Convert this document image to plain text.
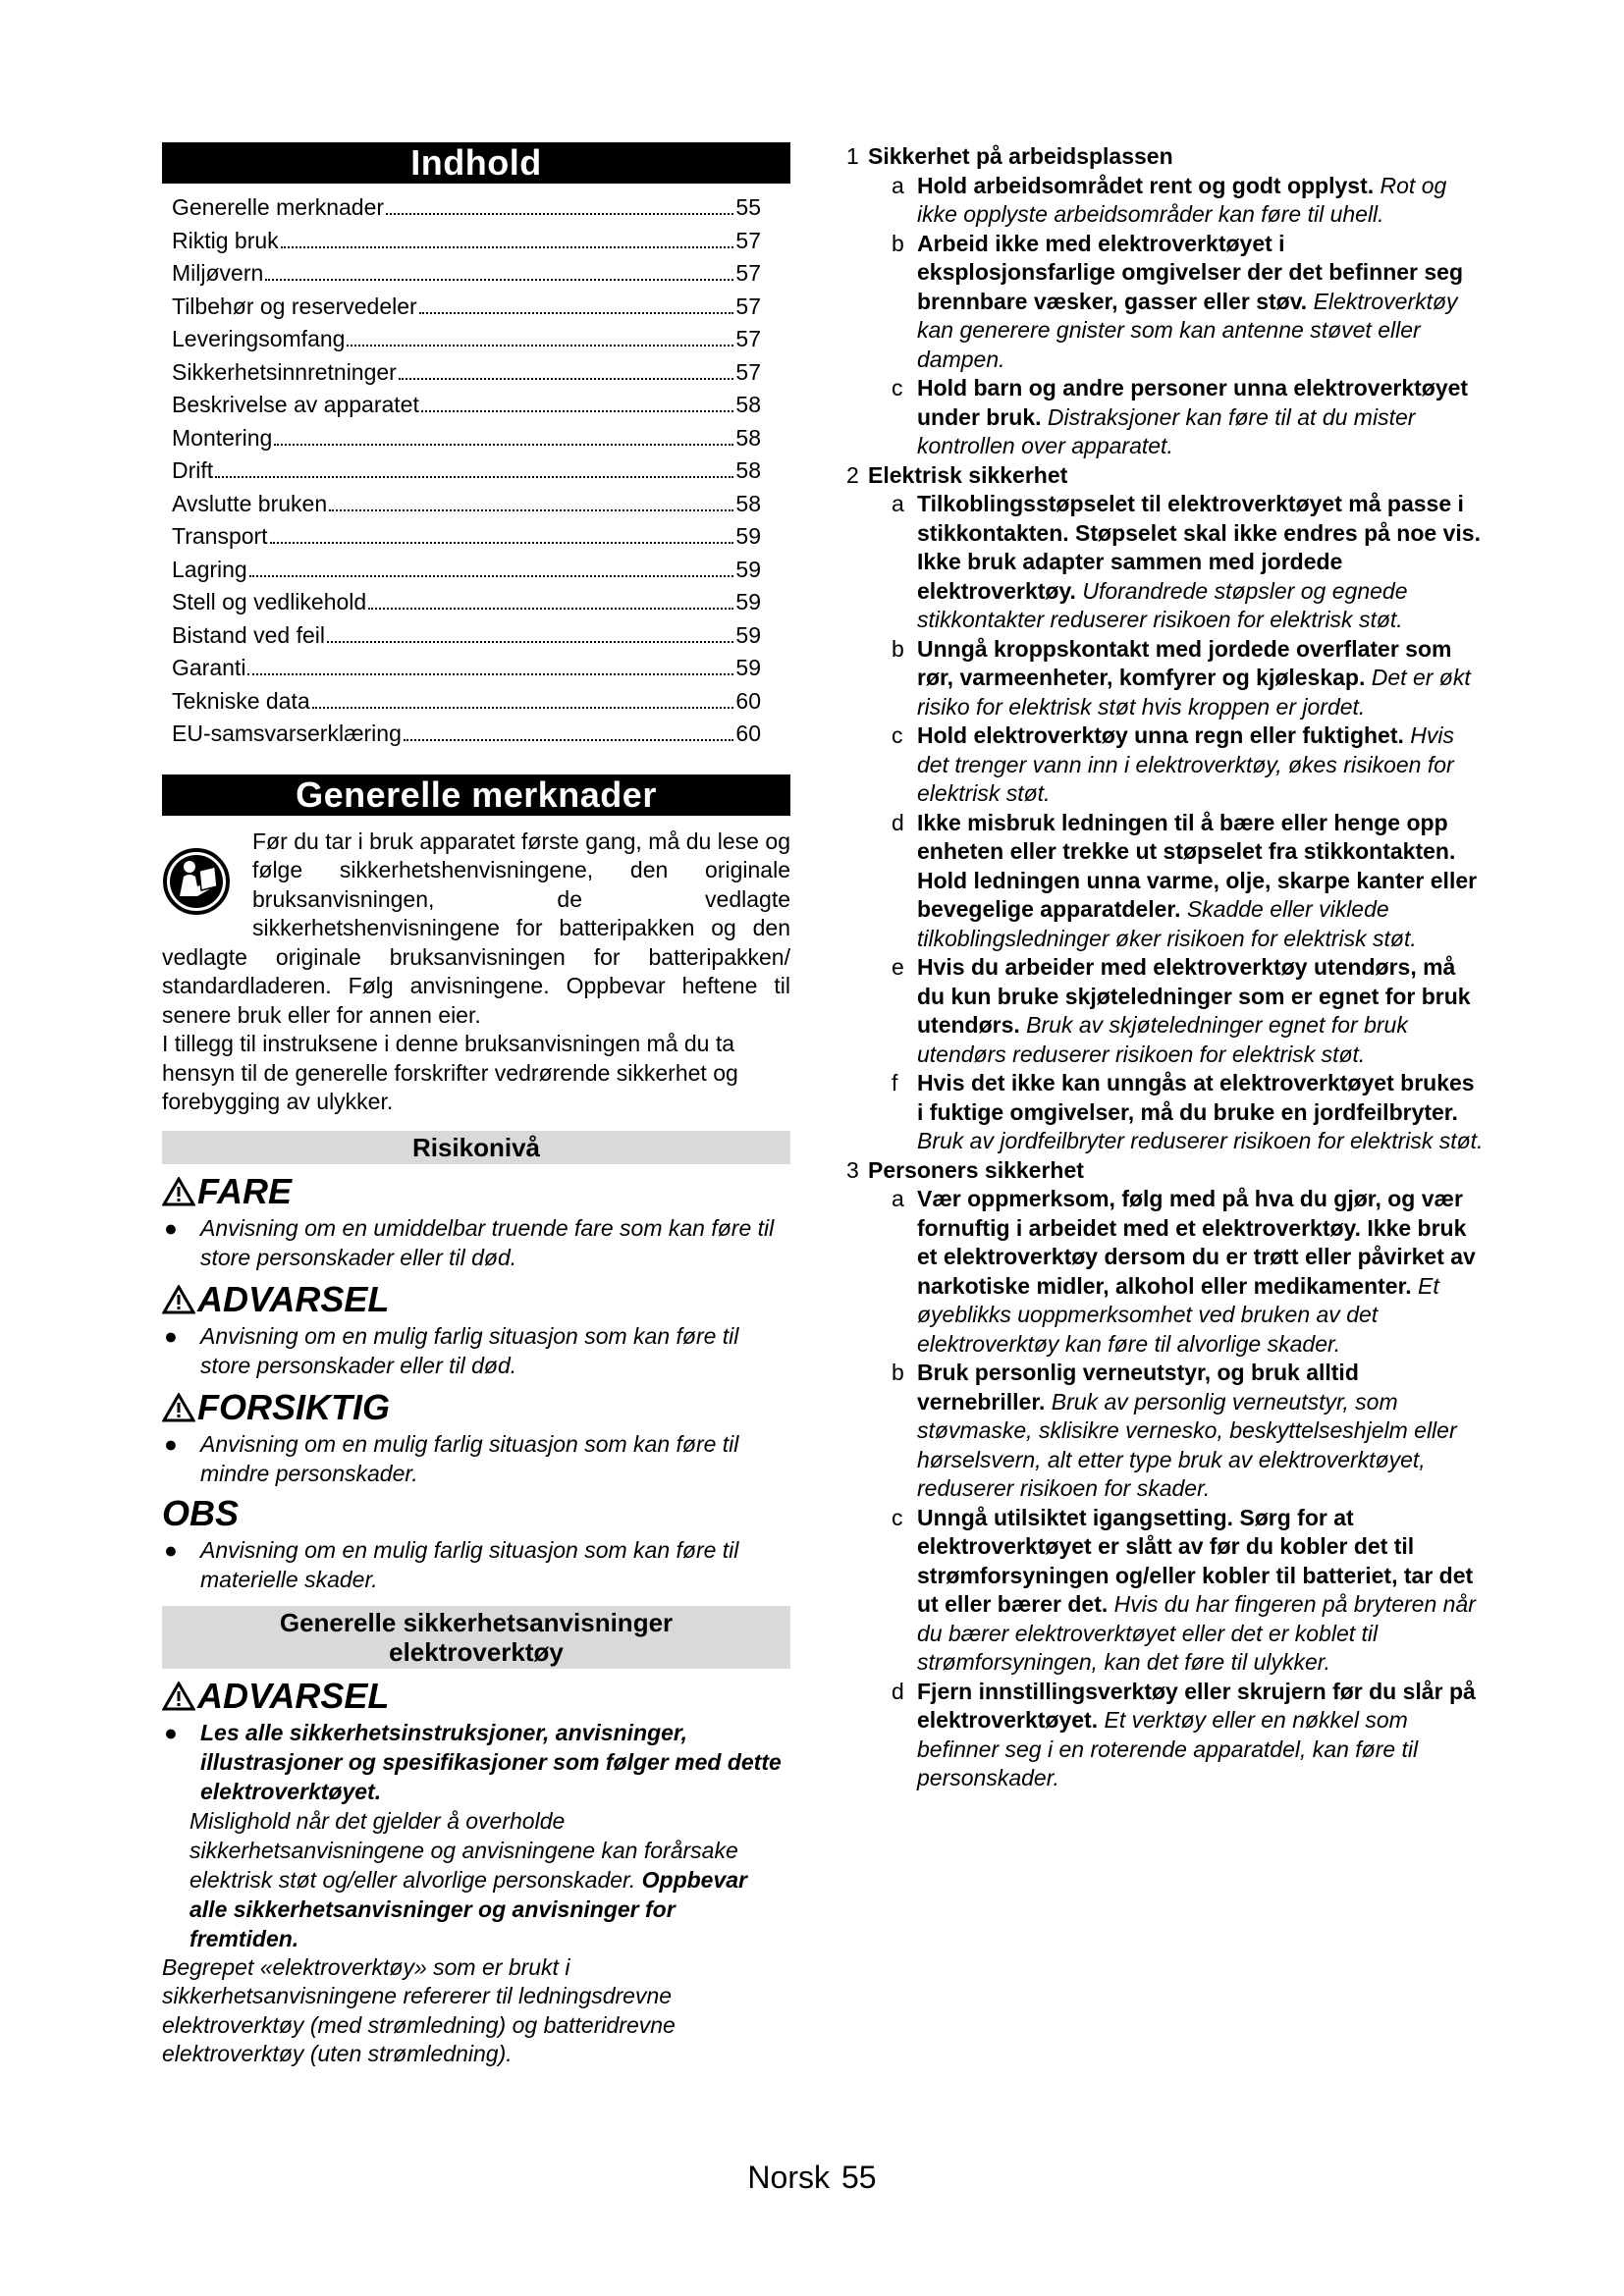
Indhold
Generelle merknader	55
Riktig bruk	57
Miljøvern	57
Tilbehør og reservedeler	57
Leveringsomfang	57
Sikkerhetsinnretninger	57
Beskrivelse av apparatet	58
Montering	58
Drift	58
Avslutte bruken	58
Transport	59
Lagring	59
Stell og vedlikehold	59
Bistand ved feil	59
Garanti	59
Tekniske data	60
EU-samsvarserklæring	60
Generelle merknader

Før du tar i bruk apparatet første gang, må du lese og følge sikkerhetshenvisningene, den originale bruksanvisningen, de vedlagte sikkerhetshenvisningene for batteripakken og den vedlagte originale bruksanvisningen for batteripakken/ standardladeren. Følg anvisningene. Oppbevar heftene til senere bruk eller for annen eier.

I tillegg til instruksene i denne bruksanvisningen må du ta hensyn til de generelle forskrifter vedrørende sikkerhet og forebygging av ulykker.

Risikonivå
FARE
●	Anvisning om en umiddelbar truende fare som kan føre til store personskader eller til død.
ADVARSEL
●	Anvisning om en mulig farlig situasjon som kan føre til store personskader eller til død.
FORSIKTIG
●	Anvisning om en mulig farlig situasjon som kan føre til mindre personskader.
OBS
●	Anvisning om en mulig farlig situasjon som kan føre til materielle skader.
Generelle sikkerhetsanvisninger
elektroverktøy
ADVARSEL
●	Les alle sikkerhetsinstruksjoner, anvisninger, illustrasjoner og spesifikasjoner som følger med dette elektroverktøyet.
Mislighold når det gjelder å overholde sikkerhetsanvisningene og anvisningene kan forårsake elektrisk støt og/eller alvorlige personskader. Oppbevar alle sikkerhetsanvisninger og anvisninger for fremtiden.

Begrepet «elektroverktøy» som er brukt i sikkerhetsanvisningene refererer til ledningsdrevne elektroverktøy (med strømledning) og batteridrevne elektroverktøy (uten strømledning).

1 Sikkerhet på arbeidsplassen
a Hold arbeidsområdet rent og godt opplyst. Rot og ikke opplyste arbeidsområder kan føre til uhell.
b Arbeid ikke med elektroverktøyet i eksplosjonsfarlige omgivelser der det befinner seg brennbare væsker, gasser eller støv. Elektroverktøy kan generere gnister som kan antenne støvet eller dampen.
c Hold barn og andre personer unna elektroverktøyet under bruk. Distraksjoner kan føre til at du mister kontrollen over apparatet.
2 Elektrisk sikkerhet
a Tilkoblingsstøpselet til elektroverktøyet må passe i stikkontakten. Støpselet skal ikke endres på noe vis. Ikke bruk adapter sammen med jordede elektroverktøy. Uforandrede støpsler og egnede stikkontakter reduserer risikoen for elektrisk støt.
b Unngå kroppskontakt med jordede overflater som rør, varmeenheter, komfyrer og kjøleskap. Det er økt risiko for elektrisk støt hvis kroppen er jordet.
c Hold elektroverktøy unna regn eller fuktighet. Hvis det trenger vann inn i elektroverktøy, økes risikoen for elektrisk støt.
d Ikke misbruk ledningen til å bære eller henge opp enheten eller trekke ut støpselet fra stikkontakten. Hold ledningen unna varme, olje, skarpe kanter eller bevegelige apparatdeler. Skadde eller viklede tilkoblingsledninger øker risikoen for elektrisk støt.
e Hvis du arbeider med elektroverktøy utendørs, må du kun bruke skjøteledninger som er egnet for bruk utendørs. Bruk av skjøteledninger egnet for bruk utendørs reduserer risikoen for elektrisk støt.
f Hvis det ikke kan unngås at elektroverktøyet brukes i fuktige omgivelser, må du bruke en jordfeilbryter. Bruk av jordfeilbryter reduserer risikoen for elektrisk støt.
3 Personers sikkerhet
a Vær oppmerksom, følg med på hva du gjør, og vær fornuftig i arbeidet med et elektroverktøy. Ikke bruk et elektroverktøy dersom du er trøtt eller påvirket av narkotiske midler, alkohol eller medikamenter. Et øyeblikks uoppmerksomhet ved bruken av det elektroverktøy kan føre til alvorlige skader.
b Bruk personlig verneutstyr, og bruk alltid vernebriller. Bruk av personlig verneutstyr, som støvmaske, sklisikre vernesko, beskyttelseshjelm eller hørselsvern, alt etter type bruk av elektroverktøyet, reduserer risikoen for skader.
c Unngå utilsiktet igangsetting. Sørg for at elektroverktøyet er slått av før du kobler det til strømforsyningen og/eller kobler til batteriet, tar det ut eller bærer det. Hvis du har fingeren på bryteren når du bærer elektroverktøyet eller det er koblet til strømforsyningen, kan det føre til ulykker.
d Fjern innstillingsverktøy eller skrujern før du slår på elektroverktøyet. Et verktøy eller en nøkkel som befinner seg i en roterende apparatdel, kan føre til personskader.
Norsk 55
